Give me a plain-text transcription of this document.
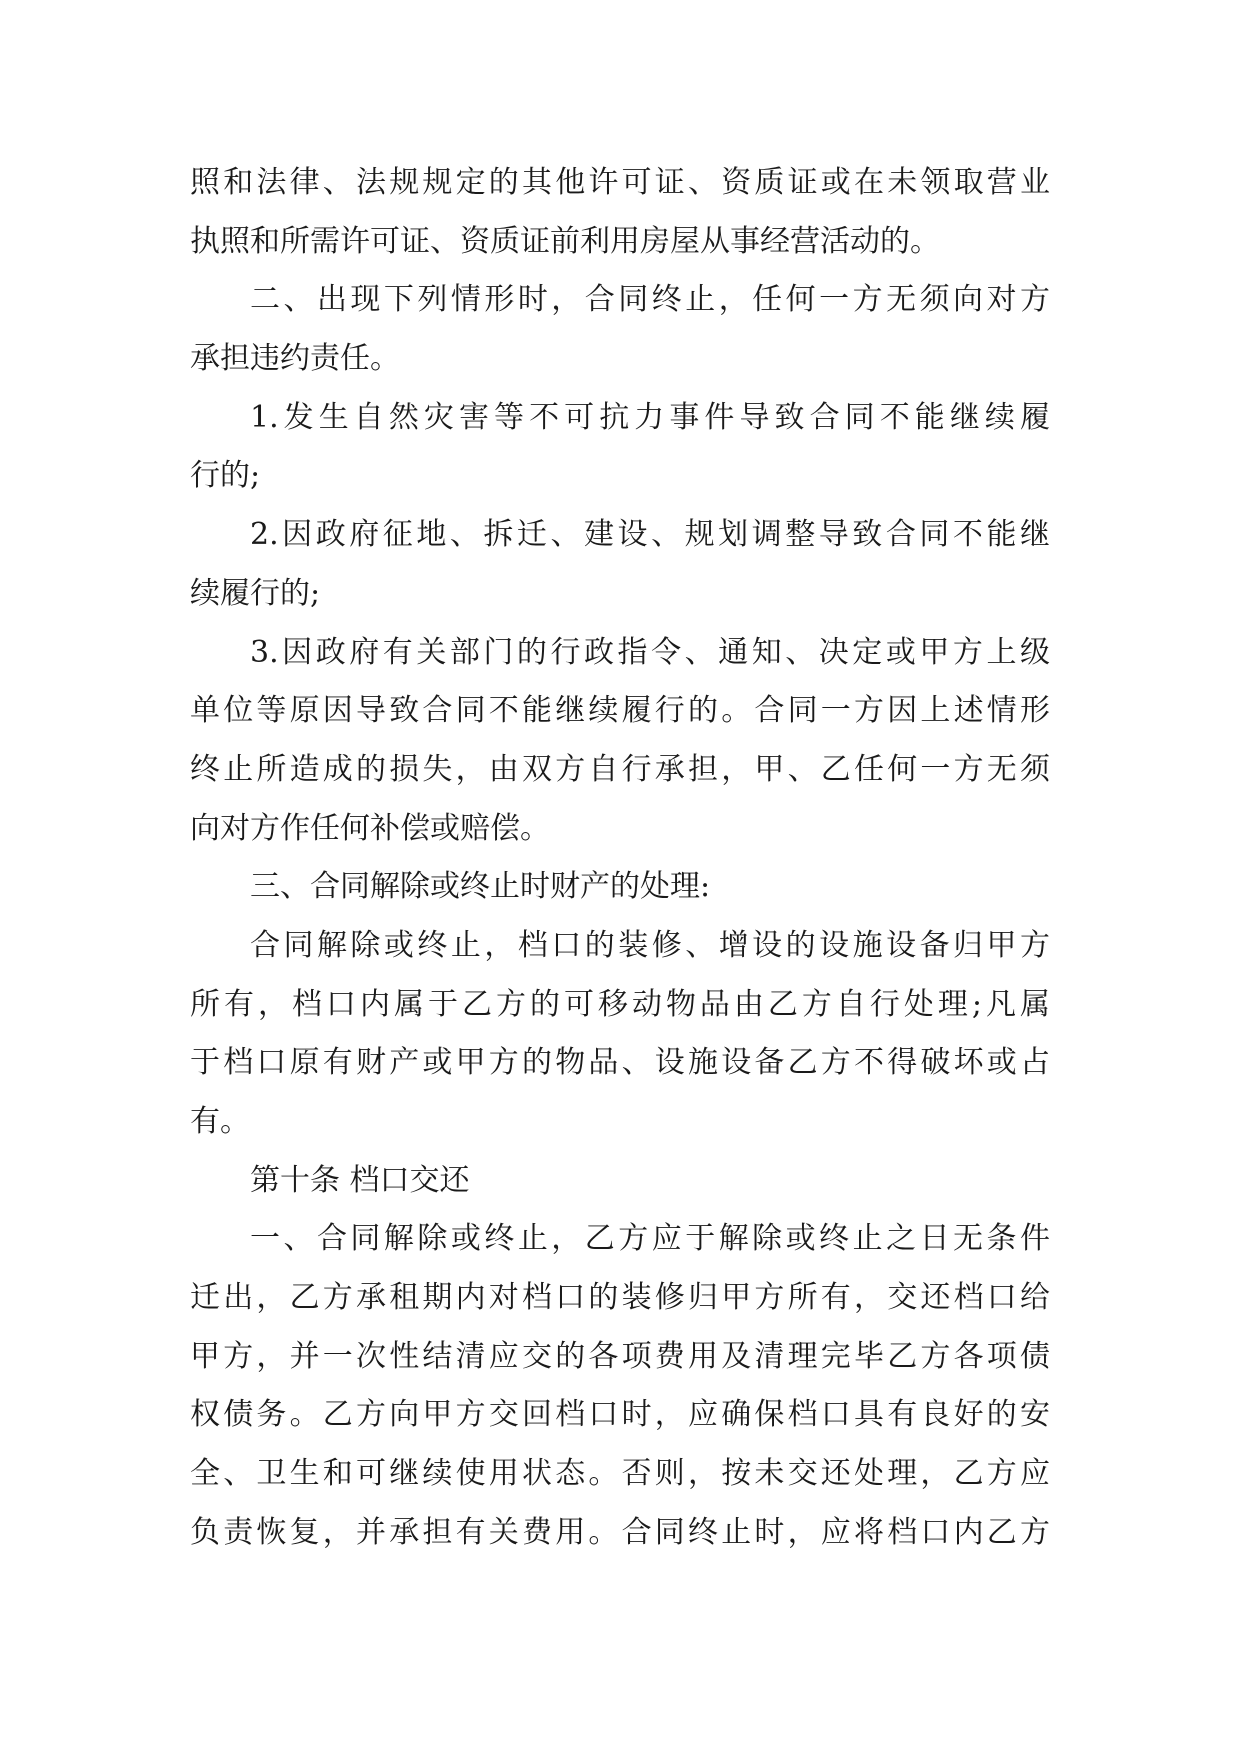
照和法律、法规规定的其他许可证、资质证或在未领取营业
执照和所需许可证、资质证前利用房屋从事经营活动的。
二、出现下列情形时，合同终止，任何一方无须向对方
承担违约责任。
1.发生自然灾害等不可抗力事件导致合同不能继续履
行的;
2.因政府征地、拆迁、建设、规划调整导致合同不能继
续履行的;
3.因政府有关部门的行政指令、通知、决定或甲方上级
单位等原因导致合同不能继续履行的。合同一方因上述情形
终止所造成的损失，由双方自行承担，甲、乙任何一方无须
向对方作任何补偿或赔偿。
三、合同解除或终止时财产的处理:
合同解除或终止，档口的装修、增设的设施设备归甲方
所有，档口内属于乙方的可移动物品由乙方自行处理;凡属
于档口原有财产或甲方的物品、设施设备乙方不得破坏或占
有。
第十条 档口交还
一、合同解除或终止，乙方应于解除或终止之日无条件
迁出，乙方承租期内对档口的装修归甲方所有，交还档口给
甲方，并一次性结清应交的各项费用及清理完毕乙方各项债
权债务。乙方向甲方交回档口时，应确保档口具有良好的安
全、卫生和可继续使用状态。否则，按未交还处理，乙方应
负责恢复，并承担有关费用。合同终止时，应将档口内乙方
